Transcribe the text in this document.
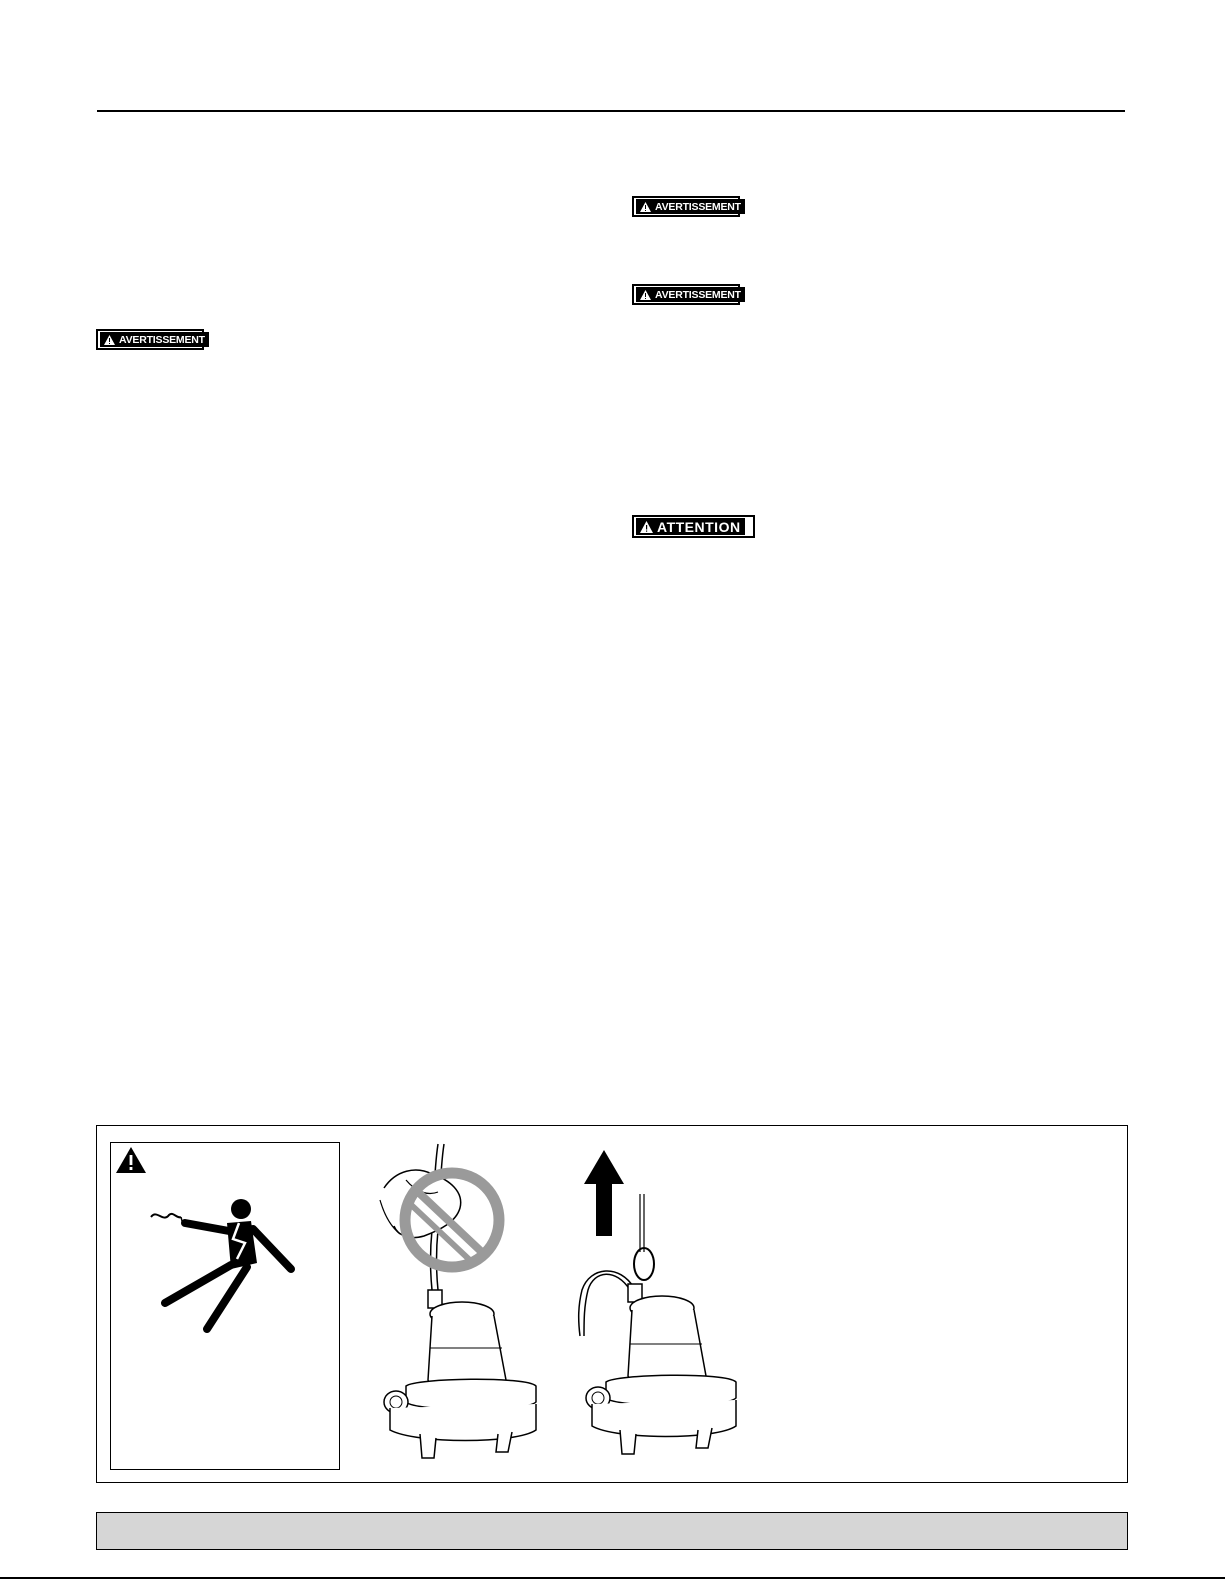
AVERTISSEMENT
AVERTISSEMENT
AVERTISSEMENT
ATTENTION
